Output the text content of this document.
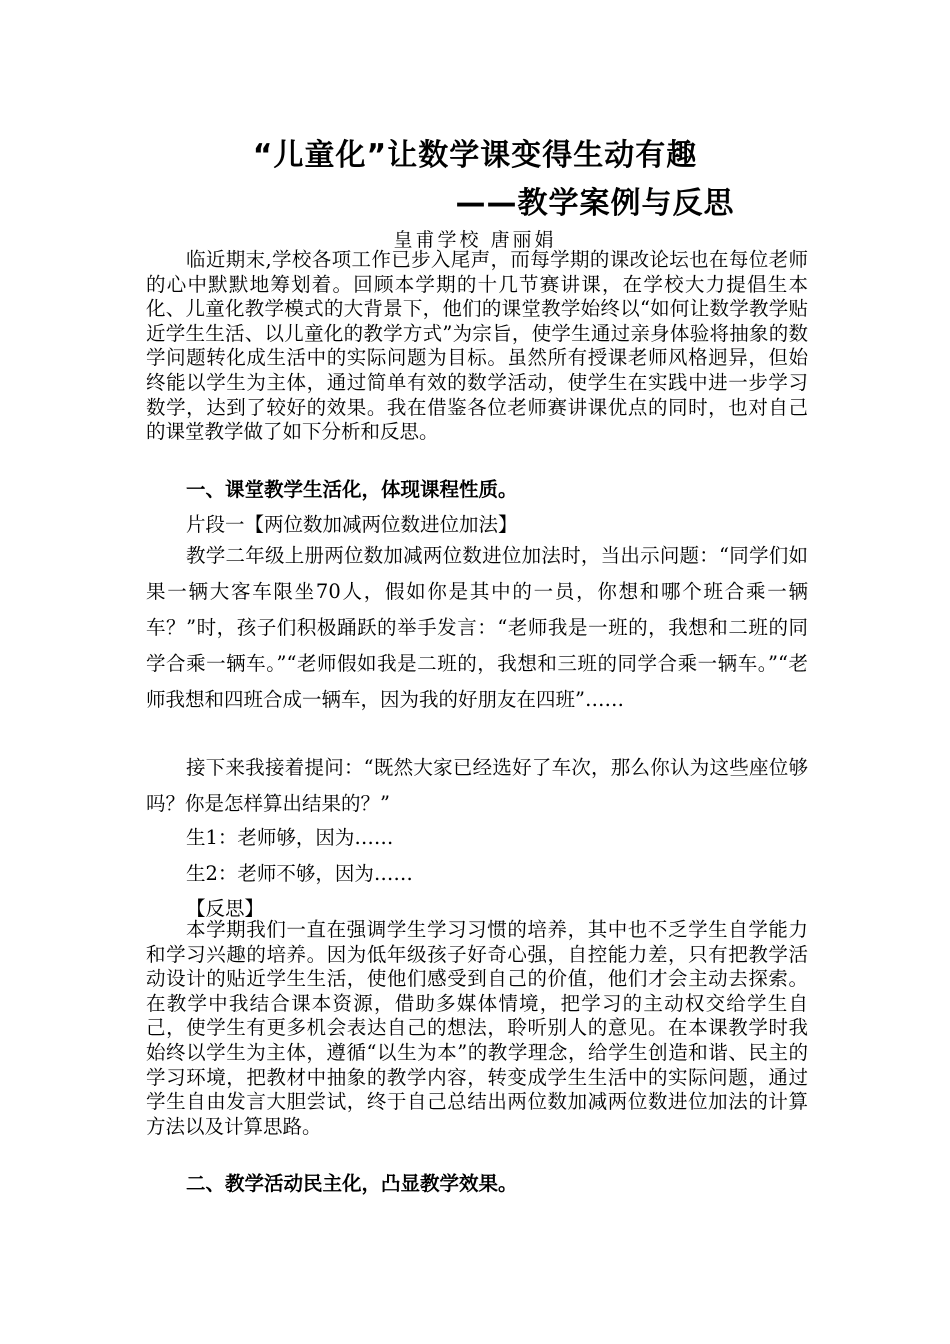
“儿童化”让数学课变得生动有趣
——教学案例与反思
皇甫学校 唐丽娟
临近期末,学校各项工作已步入尾声，而每学期的课改论坛也在每位老师的心中默默地筹划着。回顾本学期的十几节赛讲课，在学校大力提倡生本化、儿童化教学模式的大背景下，他们的课堂教学始终以“如何让数学教学贴近学生生活、以儿童化的教学方式”为宗旨，使学生通过亲身体验将抽象的数学问题转化成生活中的实际问题为目标。虽然所有授课老师风格迥异，但始终能以学生为主体，通过简单有效的数学活动，使学生在实践中进一步学习数学，达到了较好的效果。我在借鉴各位老师赛讲课优点的同时，也对自己的课堂教学做了如下分析和反思。
一、课堂教学生活化，体现课程性质。
片段一【两位数加减两位数进位加法】
教学二年级上册两位数加减两位数进位加法时，当出示问题：“同学们如果一辆大客车限坐70人，假如你是其中的一员，你想和哪个班合乘一辆车？”时，孩子们积极踊跃的举手发言：“老师我是一班的，我想和二班的同学合乘一辆车。”“老师假如我是二班的，我想和三班的同学合乘一辆车。”“老师我想和四班合成一辆车，因为我的好朋友在四班”……
接下来我接着提问：“既然大家已经选好了车次，那么你认为这些座位够吗？你是怎样算出结果的？”
生1：老师够，因为……
生2：老师不够，因为……
【反思】
本学期我们一直在强调学生学习习惯的培养，其中也不乏学生自学能力和学习兴趣的培养。因为低年级孩子好奇心强，自控能力差，只有把教学活动设计的贴近学生生活，使他们感受到自己的价值，他们才会主动去探索。在教学中我结合课本资源，借助多媒体情境，把学习的主动权交给学生自己，使学生有更多机会表达自己的想法，聆听别人的意见。在本课教学时我始终以学生为主体，遵循“以生为本”的教学理念，给学生创造和谐、民主的学习环境，把教材中抽象的教学内容，转变成学生生活中的实际问题，通过学生自由发言大胆尝试，终于自己总结出两位数加减两位数进位加法的计算方法以及计算思路。
二、教学活动民主化，凸显教学效果。
